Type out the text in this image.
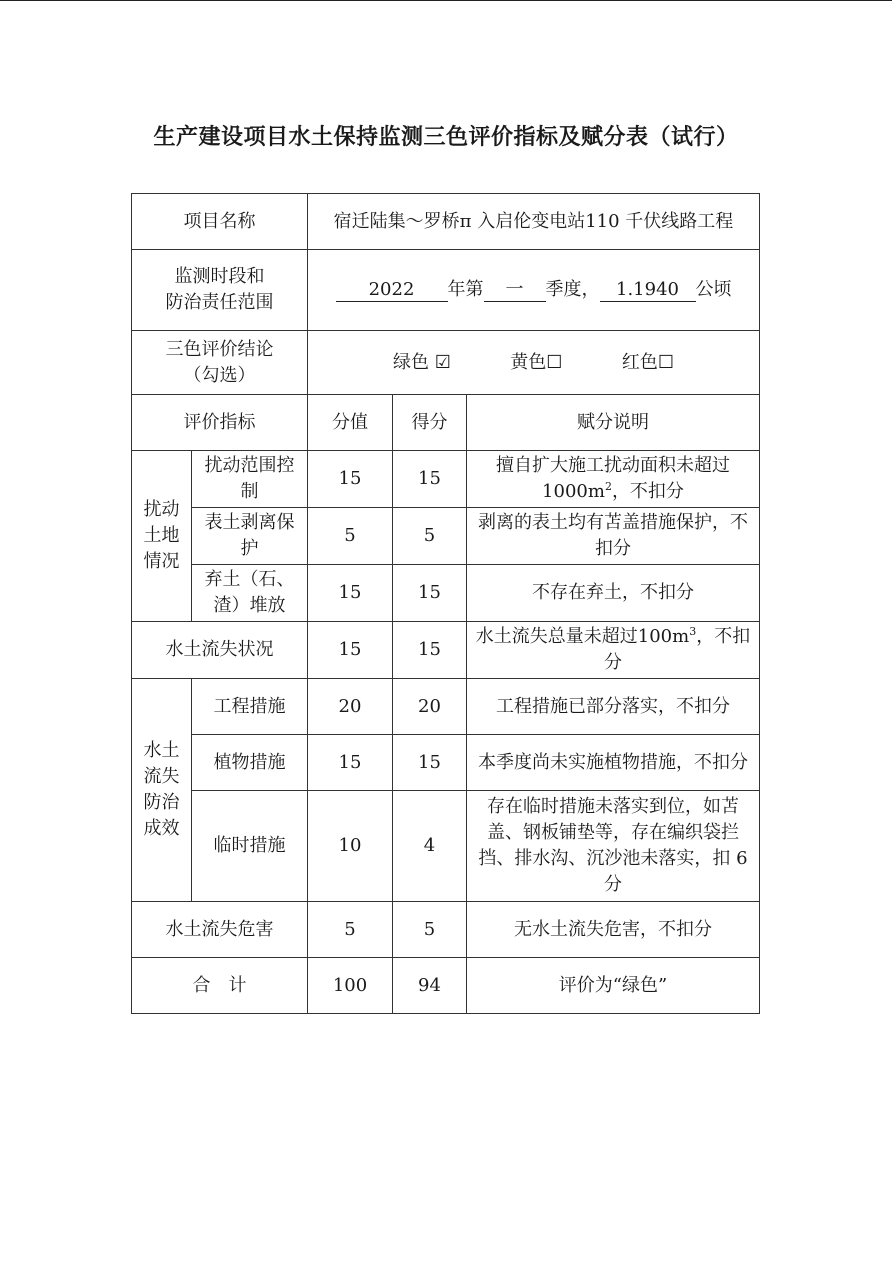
生产建设项目水土保持监测三色评价指标及赋分表（试行）
项目名称		宿迁陆集～罗桥π 入启伦变电站110 千伏线路工程		

监测时段和
防治责任范围		2022 年第 一 季度， 1.1940 公顷		

三色评价结论
（勾选）		绿色 ☑ 黄色☐ 红色☐		
评价指标		分值	得分	赋分说明
扰动土地情况	扰动范围控制	15	15	擅自扩大施工扰动面积未超过$1000m^2$，不扣分
	表土剥离保护	5	5	剥离的表土均有苫盖措施保护，不扣分
	弃土（石、渣）堆放	15	15	不存在弃土，不扣分
水土流失状况		15	15	水土流失总量未超过$100m^3$，不扣分
水土流失防治成效	工程措施	20	20	工程措施已部分落实，不扣分
	植物措施	15	15	本季度尚未实施植物措施，不扣分
	临时措施	10	4	存在临时措施未落实到位，如苫盖、钢板铺垫等，存在编织袋拦挡、排水沟、沉沙池未落实，扣 6 分
水土流失危害		5	5	无水土流失危害，不扣分
合　计		100	94	评价为“绿色”
